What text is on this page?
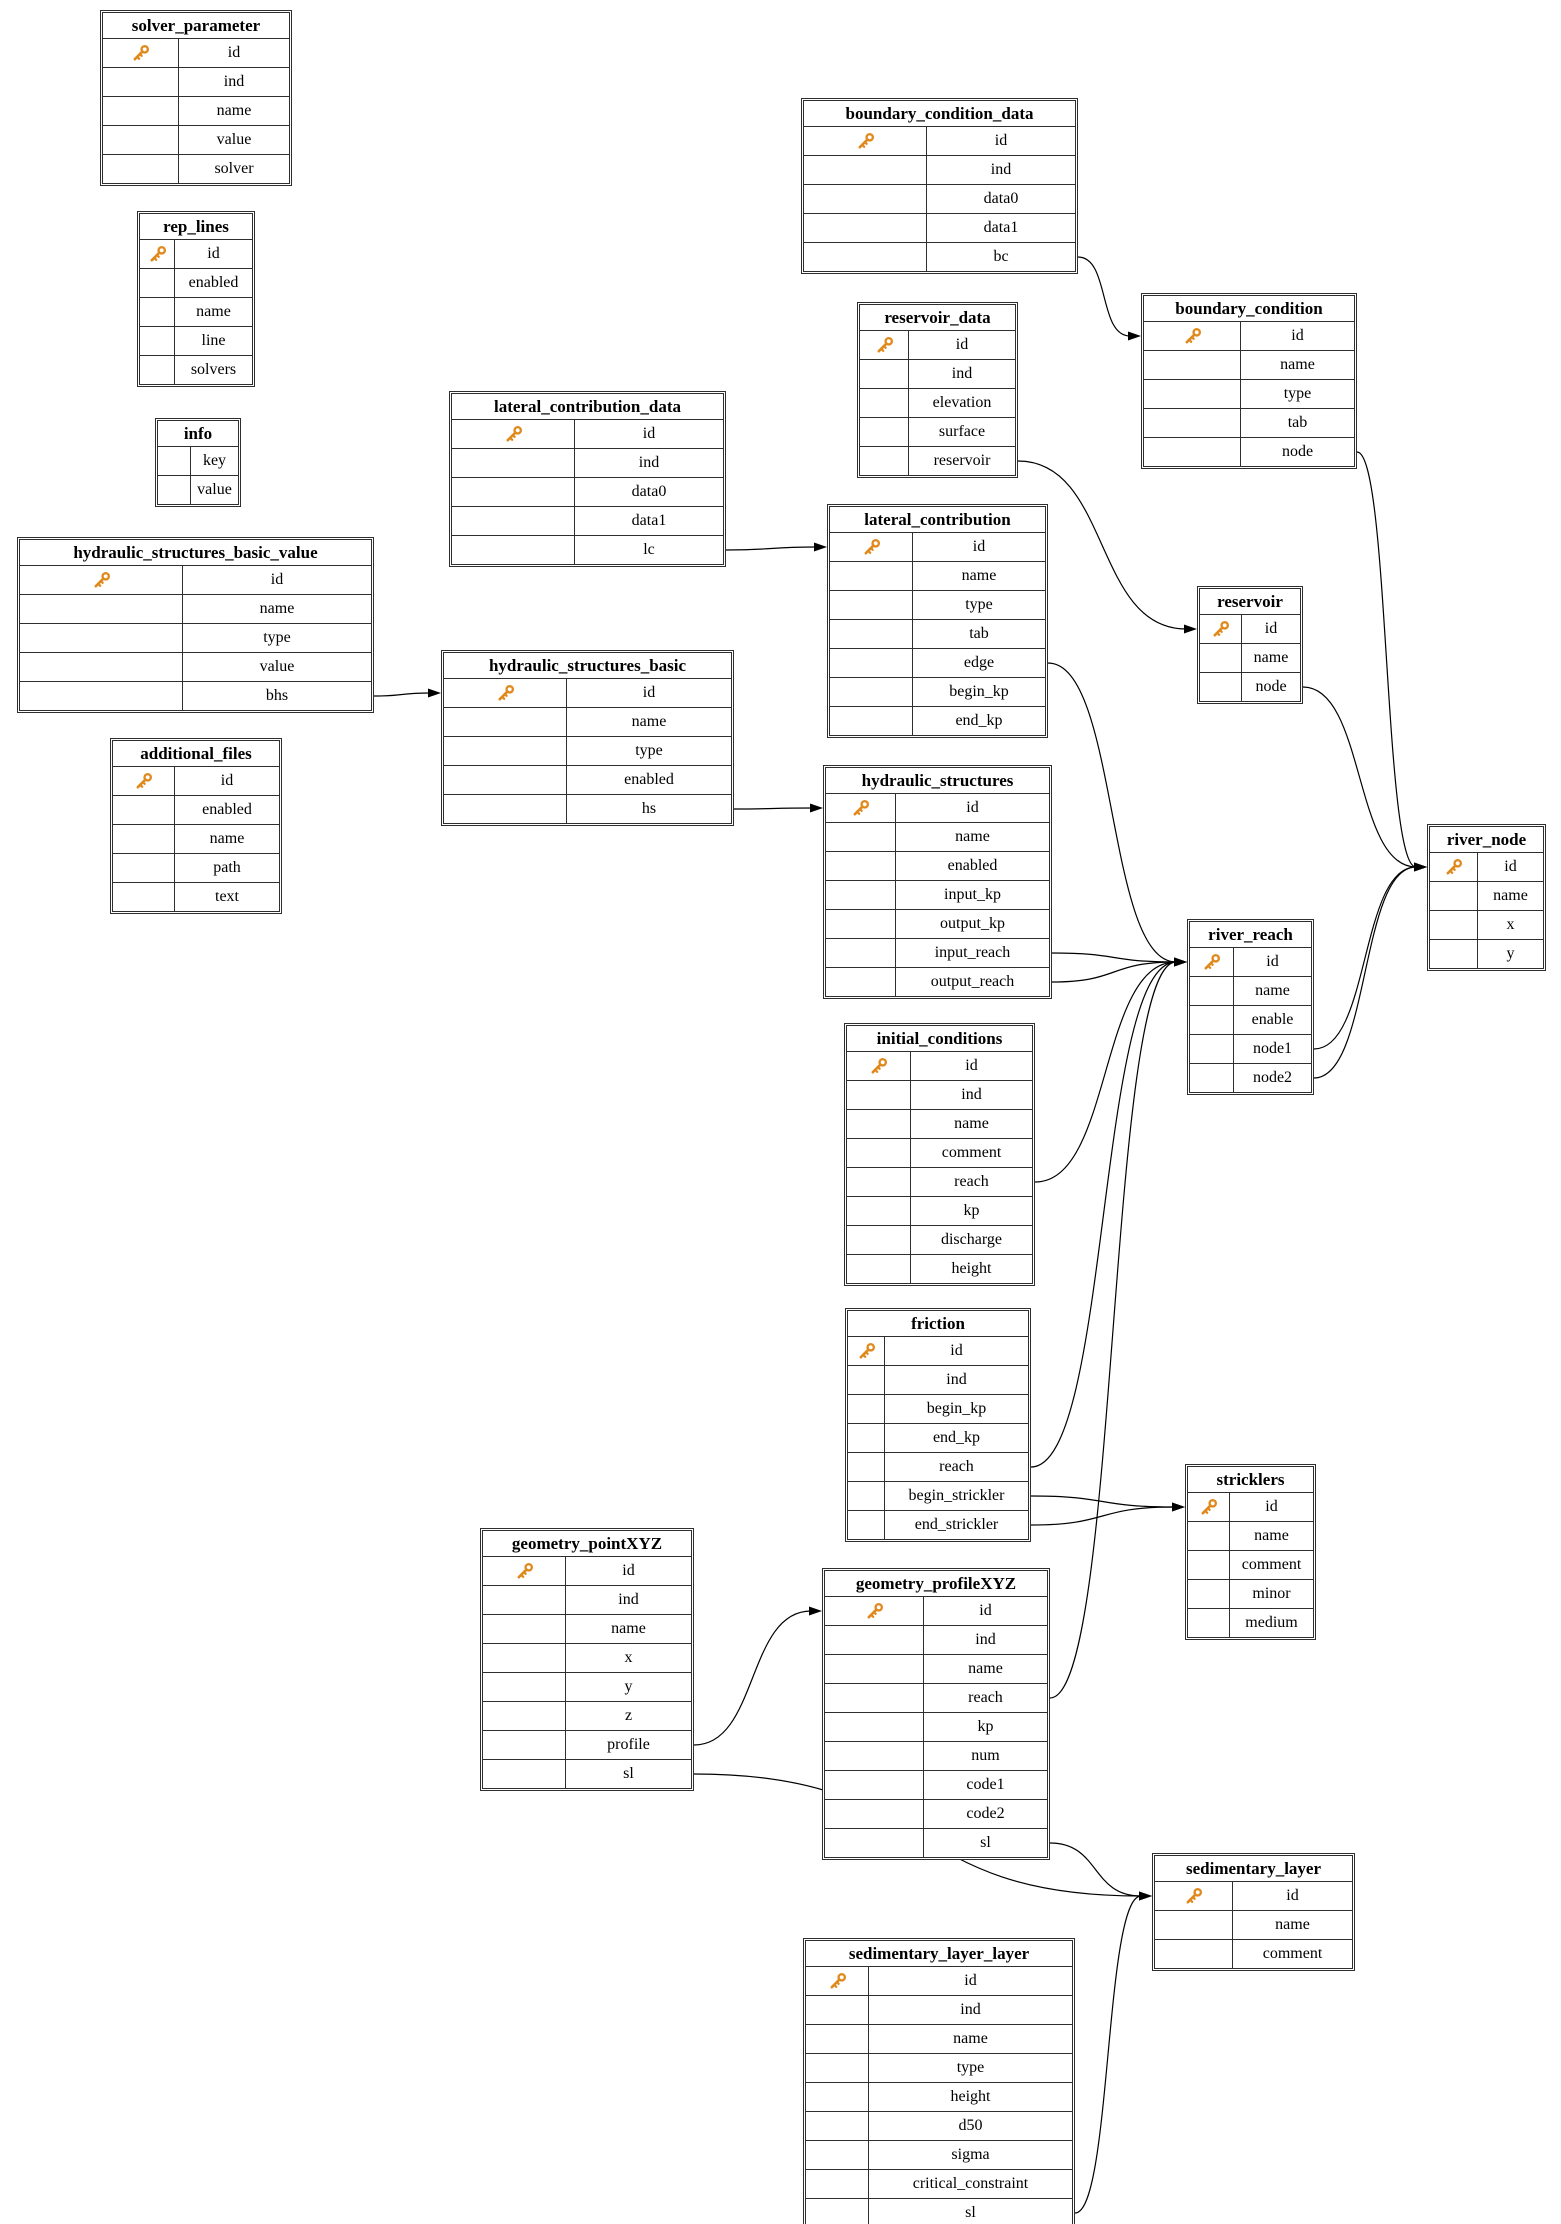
solver_parameter
id
ind
name
value
solver
rep_lines
id
enabled
name
line
solvers
info
key
value
hydraulic_structures_basic_value
id
name
type
value
bhs
additional_files
id
enabled
name
path
text
lateral_contribution_data
id
ind
data0
data1
lc
hydraulic_structures_basic
id
name
type
enabled
hs
boundary_condition_data
id
ind
data0
data1
bc
reservoir_data
id
ind
elevation
surface
reservoir
lateral_contribution
id
name
type
tab
edge
begin_kp
end_kp
hydraulic_structures
id
name
enabled
input_kp
output_kp
input_reach
output_reach
boundary_condition
id
name
type
tab
node
reservoir
id
name
node
river_reach
id
name
enable
node1
node2
river_node
id
name
x
y
initial_conditions
id
ind
name
comment
reach
kp
discharge
height
friction
id
ind
begin_kp
end_kp
reach
begin_strickler
end_strickler
stricklers
id
name
comment
minor
medium
geometry_pointXYZ
id
ind
name
x
y
z
profile
sl
geometry_profileXYZ
id
ind
name
reach
kp
num
code1
code2
sl
sedimentary_layer
id
name
comment
sedimentary_layer_layer
id
ind
name
type
height
d50
sigma
critical_constraint
sl
